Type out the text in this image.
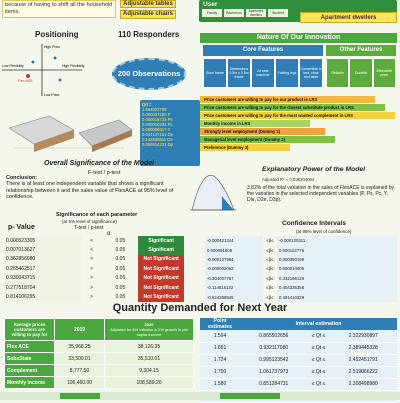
because of having to shift all the household items.
Adjustable tables
Adjustable chairs
User
Family	Bachelors	Apartment dwellers	Student
Apartment dwellers
Positioning
High Price
Low Price
Low Flexibility	High Flexibility
Flex ACE
110 Responders
200 Observations
Qd =
1.864022788
0.000037250 P
0.000018733 Ps
0.000010332 Pc
0.000006517 Y
0.014127161 De
0.143836611 De
0.066614231 Dp
Nature Of Our Innovation
Core Features	Other Features
Stool frame
Dimensions 0.5m x 0.5m frame
At seat machine	Folding legs
Convertible to bed, chair and table
Reliable	Durable	Affordable price
Price customers are willing to pay for our product is LRS
Price customers are willing to pay for the closest substitute product in LRS
Price customers are willing to pay for the most wanted complement in LRS
Monthly income in LRS
Strongly level employment (Dummy 1)
Managerial level employment (Dummy 2)
Preference (Dummy 3)
Overall Significance of the Model
F-test / p-test
Conclusion:
There is at least one independent variable that shows a significant relationship between it and the sales value of FlexACE at 95% level of confidence.
Explanatory Power of the Model
Adjusted R² = 0.038304004
3.82% of the total variation in the sales of FlexACE is explained by the variation in the selected independent variables (P, Ps, Pc, Y, Dle, D2e, D3p).
p- Value
Significance of each parameter
(at 5% level of significance)
T-test / p-test
α
0.000523305	<	0.05	Significant
0.007013627	<	0.05	Significant
0.362856980	>	0.05	Not Significant
0.265462517	>	0.05	Not Significant
0.930043715	>	0.05	Not Significant
0.277518704	>	0.05	Not Significant
0.814106295	>	0.05	Not Significant
Confidence Intervals
(at 95% level of confidence)
-0.000421344	≤β≤	-0.000120311
0.000051608	≤β≤	0.000122776
-0.000127984	≤β≤	0.000350199
-0.000002062	≤β≤	0.000014005
-0.304007767	≤β≤	0.332166129
-0.114815132	≤β≤	0.404335358
-0.624398945	≤β≤	0.491410329
Quantity Demanded for Next Year
Average prices customers are willing to pay for	2019	2020
Adjusted for 6% inflation & 2% growth in per capita income
Flex ACE	35,968.25	38,126.35
SubsState	33,500.01	35,510.01
Complement	8,777.50	9,304.15
Monthly income	106,460.00	108,589.20
Point estimates	Interval estimation		
1.594	0.865502656	≤ Qt ≤	2.322930897
1.661	0.932117080	≤ Qt ≤	2.389445328
1.724	0.995123542	≤ Qt ≤	2.452451791
1.790	1.061737973	≤ Qt ≤	2.519066222
1.580	0.851284731	≤ Qt ≤	2.308498980
